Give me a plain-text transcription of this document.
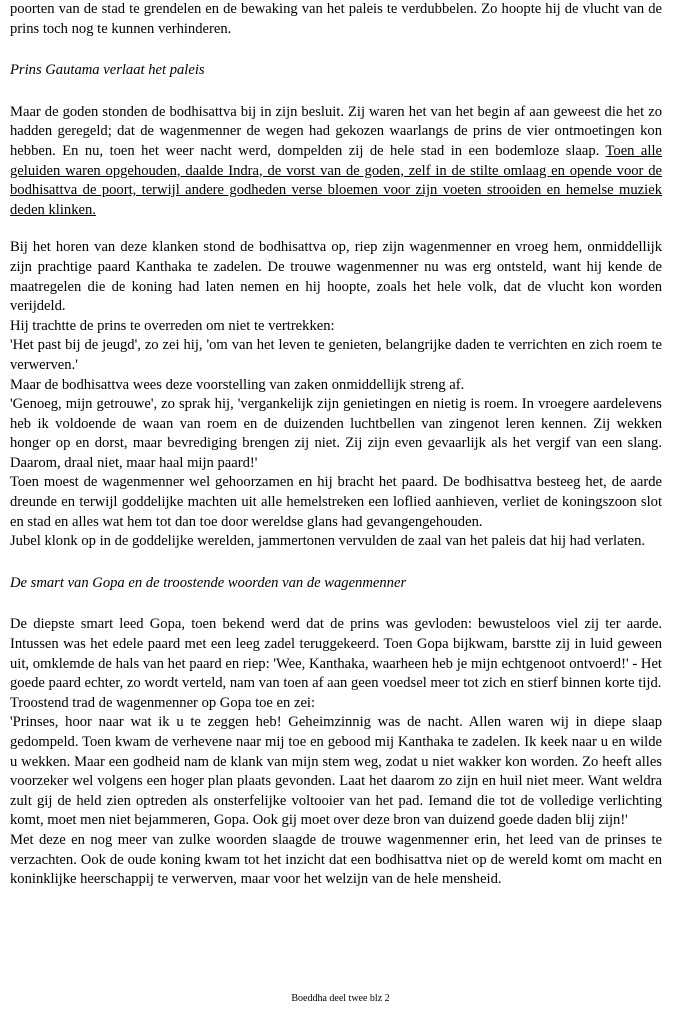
poorten van de stad te grendelen en de bewaking van het paleis te verdubbelen. Zo hoopte hij de vlucht van de prins toch nog te kunnen verhinderen.

Prins Gautama verlaat het paleis

Maar de goden stonden de bodhisattva bij in zijn besluit. Zij waren het van het begin af aan geweest die het zo hadden geregeld; dat de wagenmenner de wegen had gekozen waarlangs de prins de vier ontmoetingen kon hebben. En nu, toen het weer nacht werd, dompelden zij de hele stad in een bodemloze slaap. Toen alle geluiden waren opgehouden, daalde Indra, de vorst van de goden, zelf in de stilte omlaag en opende voor de bodhisattva de poort, terwijl andere godheden verse bloemen voor zijn voeten strooiden en hemelse muziek deden klinken.

Bij het horen van deze klanken stond de bodhisattva op, riep zijn wagenmenner en vroeg hem, onmiddellijk zijn prachtige paard Kanthaka te zadelen. De trouwe wagenmenner nu was erg ontsteld, want hij kende de maatregelen die de koning had laten nemen en hij hoopte, zoals het hele volk, dat de vlucht kon worden verijdeld.

Hij trachtte de prins te overreden om niet te vertrekken:

'Het past bij de jeugd', zo zei hij, 'om van het leven te genieten, belangrijke daden te verrichten en zich roem te verwerven.'

Maar de bodhisattva wees deze voorstelling van zaken onmiddellijk streng af.

'Genoeg, mijn getrouwe', zo sprak hij, 'vergankelijk zijn genietingen en nietig is roem. In vroegere aardelevens heb ik voldoende de waan van roem en de duizenden luchtbellen van zingenot leren kennen. Zij wekken honger op en dorst, maar bevrediging brengen zij niet. Zij zijn even gevaarlijk als het vergif van een slang. Daarom, draal niet, maar haal mijn paard!'

Toen moest de wagenmenner wel gehoorzamen en hij bracht het paard. De bodhisattva besteeg het, de aarde dreunde en terwijl goddelijke machten uit alle hemelstreken een loflied aanhieven, verliet de koningszoon slot en stad en alles wat hem tot dan toe door wereldse glans had gevangengehouden.

Jubel klonk op in de goddelijke werelden, jammertonen vervulden de zaal van het paleis dat hij had verlaten.

De smart van Gopa en de troostende woorden van de wagenmenner

De diepste smart leed Gopa, toen bekend werd dat de prins was gevloden: bewusteloos viel zij ter aarde. Intussen was het edele paard met een leeg zadel teruggekeerd. Toen Gopa bijkwam, barstte zij in luid geween uit, omklemde de hals van het paard en riep: 'Wee, Kanthaka, waarheen heb je mijn echtgenoot ontvoerd!' - Het goede paard echter, zo wordt verteld, nam van toen af aan geen voedsel meer tot zich en stierf binnen korte tijd.

Troostend trad de wagenmenner op Gopa toe en zei:

'Prinses, hoor naar wat ik u te zeggen heb! Geheimzinnig was de nacht. Allen waren wij in diepe slaap gedompeld. Toen kwam de verhevene naar mij toe en gebood mij Kanthaka te zadelen. Ik keek naar u en wilde u wekken. Maar een godheid nam de klank van mijn stem weg, zodat u niet wakker kon worden. Zo heeft alles voorzeker wel volgens een hoger plan plaats gevonden. Laat het daarom zo zijn en huil niet meer. Want weldra zult gij de held zien optreden als onsterfelijke voltooier van het pad. Iemand die tot de volledige verlichting komt, moet men niet bejammeren, Gopa. Ook gij moet over deze bron van duizend goede daden blij zijn!'

Met deze en nog meer van zulke woorden slaagde de trouwe wagenmenner erin, het leed van de prinses te verzachten. Ook de oude koning kwam tot het inzicht dat een bodhisattva niet op de wereld komt om macht en koninklijke heerschappij te verwerven, maar voor het welzijn van de hele mensheid.

Boeddha deel twee blz 2
